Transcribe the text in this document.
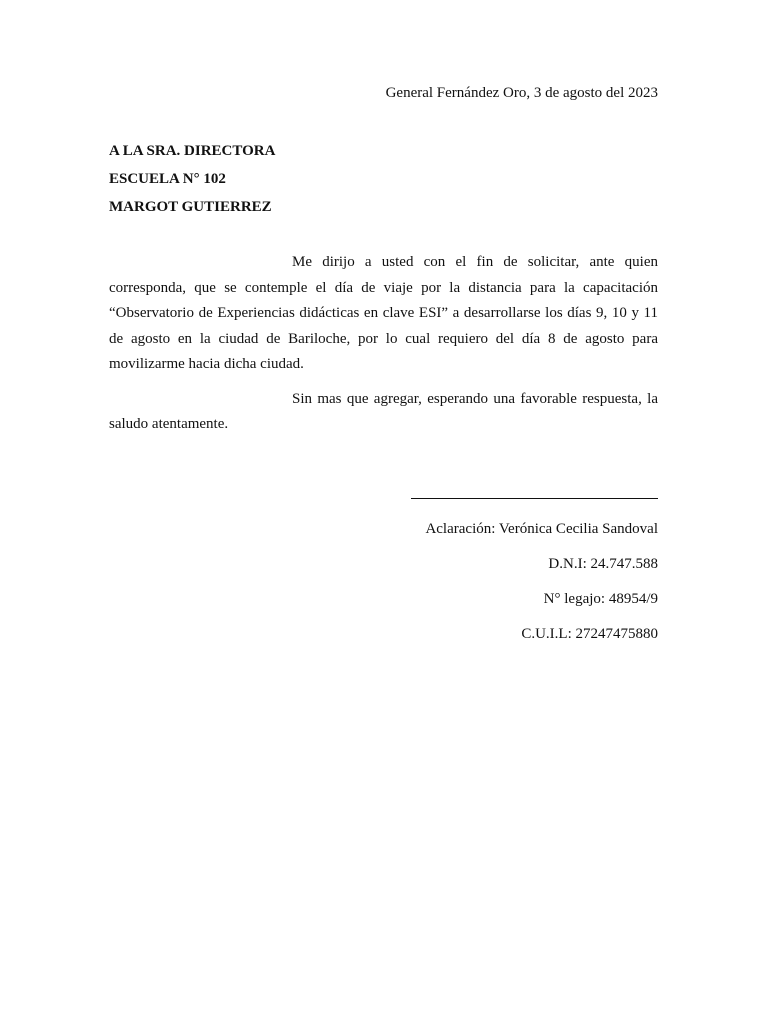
General Fernández Oro, 3 de agosto del 2023
A LA SRA. DIRECTORA
ESCUELA N° 102
MARGOT GUTIERREZ

Me dirijo a usted con el fin de solicitar, ante quien corresponda, que se contemple el día de viaje por la distancia para la capacitación “Observatorio de Experiencias didácticas en clave ESI” a desarrollarse los días 9, 10 y 11 de agosto en la ciudad de Bariloche, por lo cual requiero del día 8 de agosto para movilizarme hacia dicha ciudad.

Sin mas que agregar, esperando una favorable respuesta, la saludo atentamente.

Aclaración: Verónica Cecilia Sandoval
D.N.I: 24.747.588
N° legajo: 48954/9
C.U.I.L: 27247475880
